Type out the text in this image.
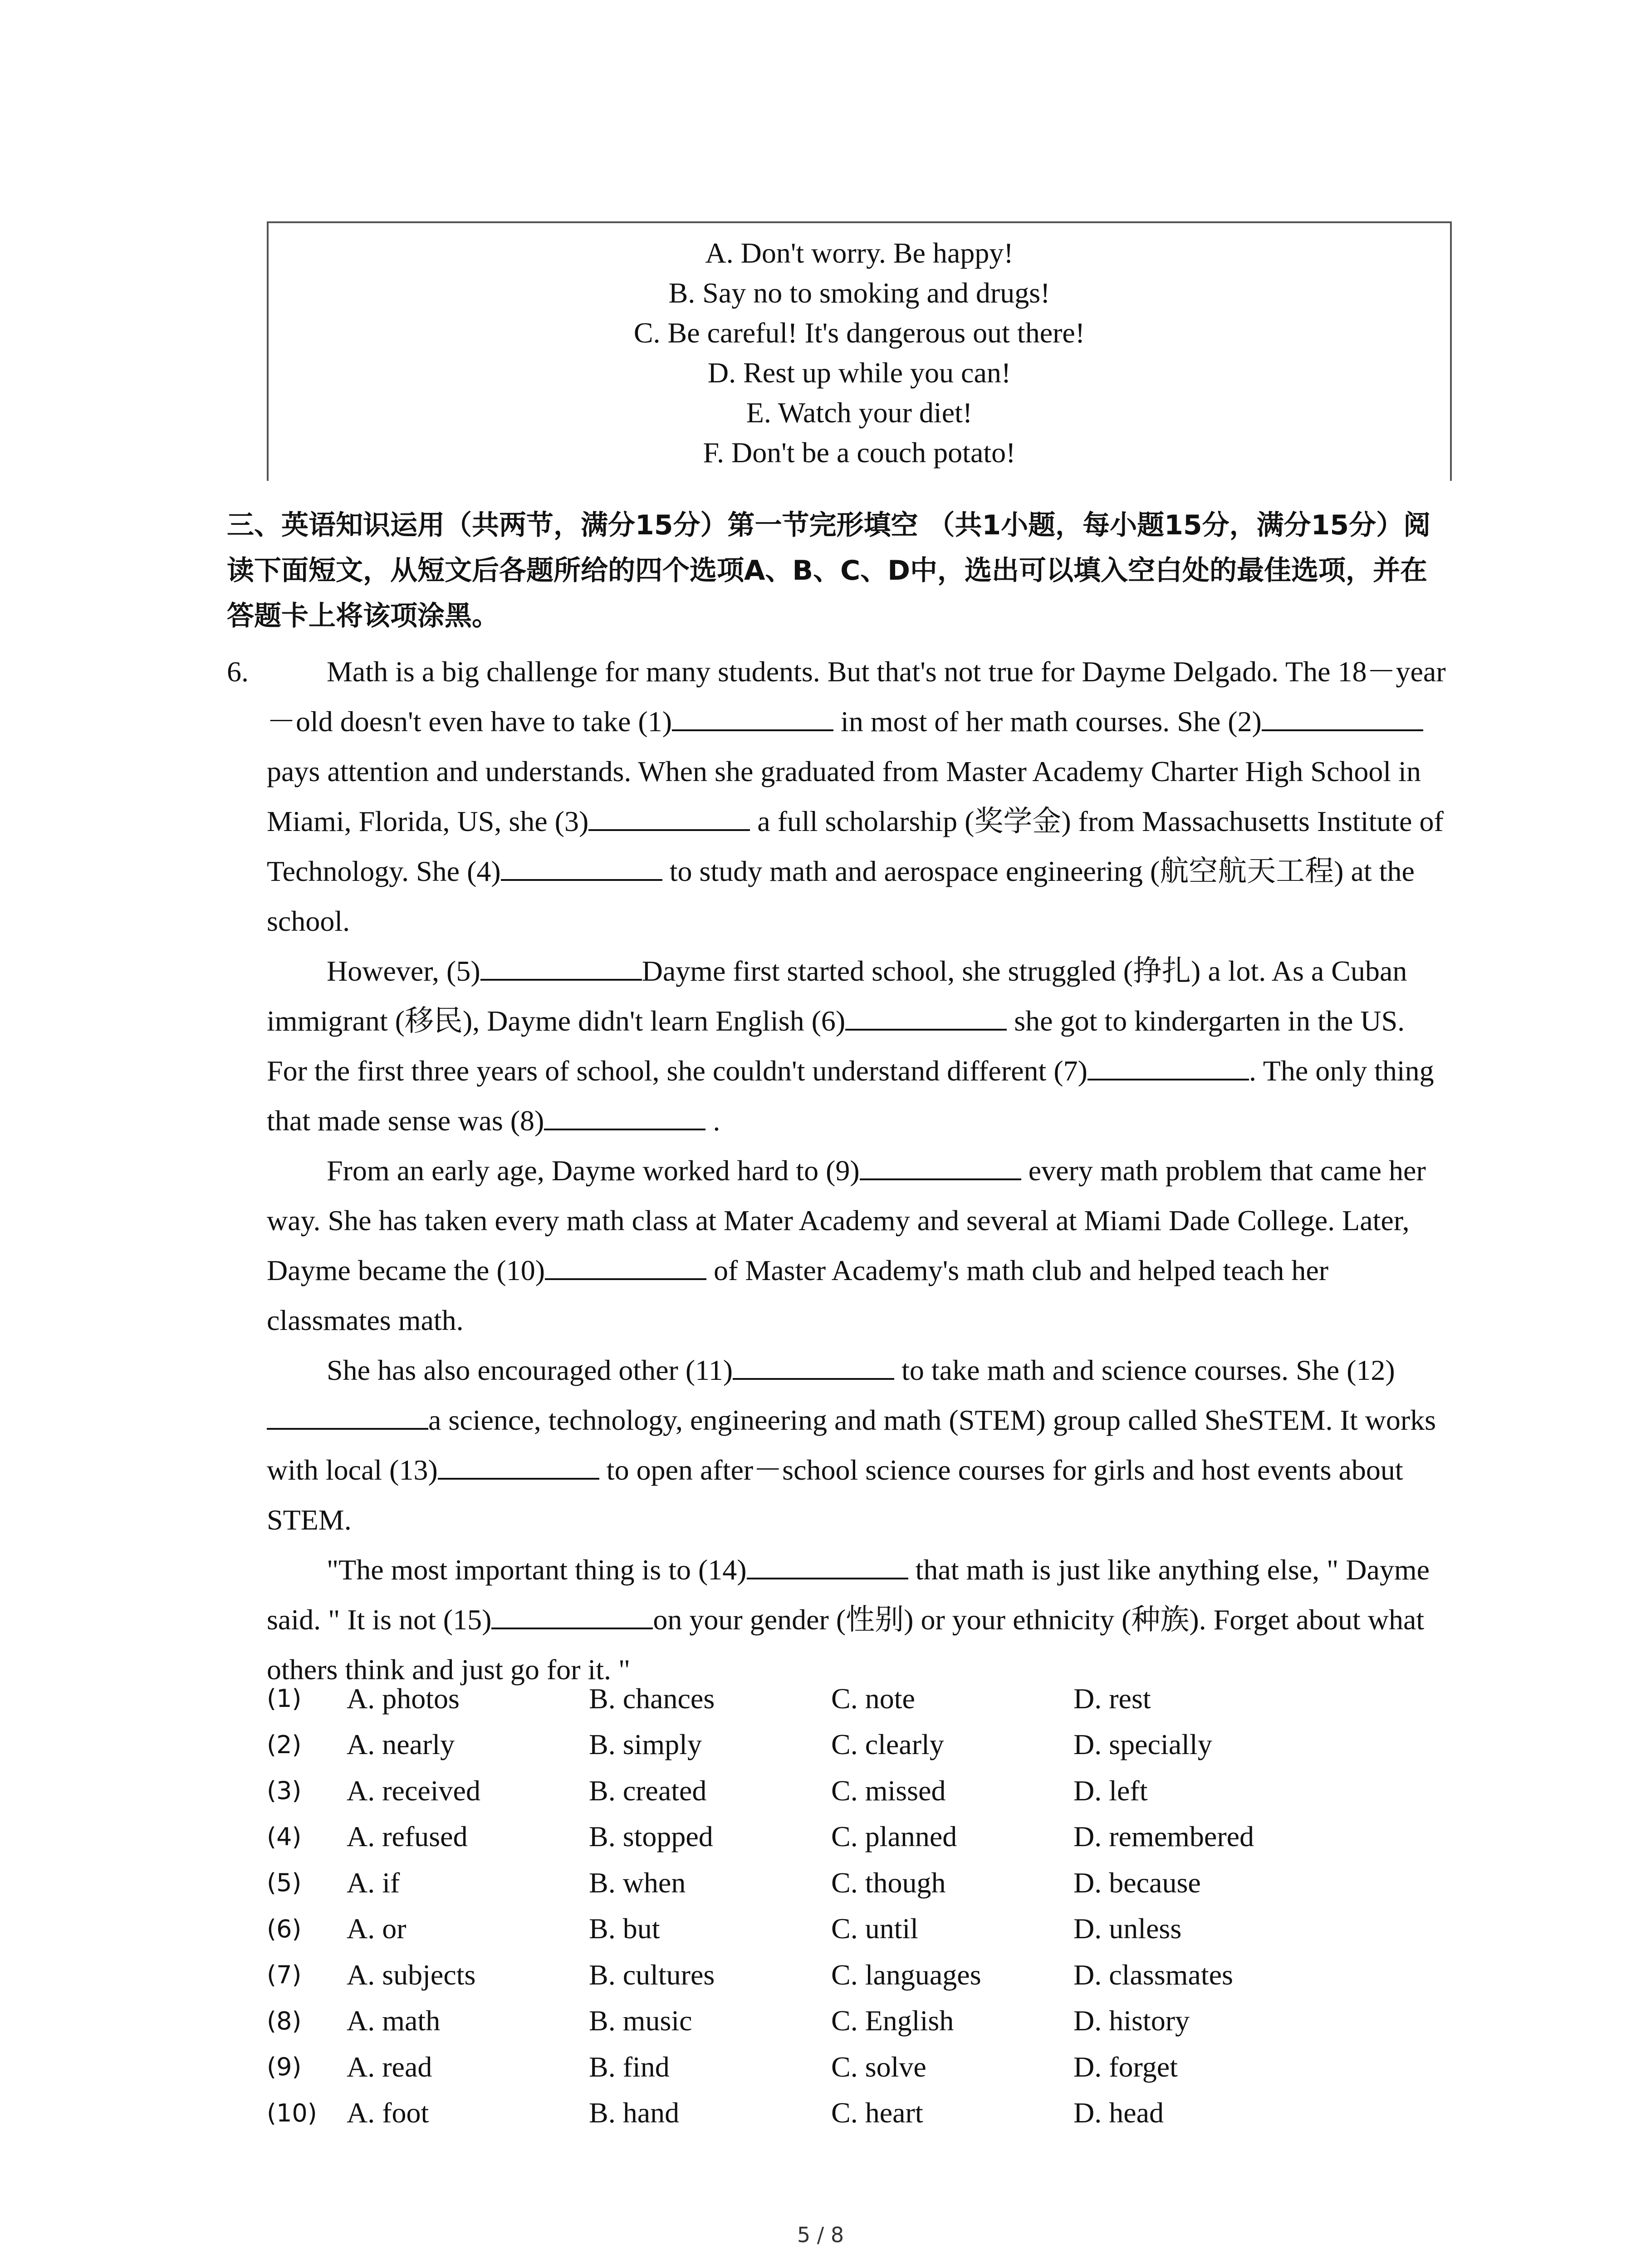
A. Don't worry. Be happy!
B. Say no to smoking and drugs!
C. Be careful! It's dangerous out there!
D. Rest up while you can!
E. Watch your diet!
F. Don't be a couch potato!
三、英语知识运用（共两节，满分15分）第一节完形填空 （共1小题，每小题15分，满分15分）阅读下面短文，从短文后各题所给的四个选项A、B、C、D中，选出可以填入空白处的最佳选项，并在答题卡上将该项涂黑。
6.	Math is a big challenge for many students. But that's not true for Dayme Delgado. The 18－year－old doesn't even have to take (1)	in most of her math courses. She (2)pays attention and understands. When she graduated from Master Academy Charter High School in Miami, Florida, US, she (3)	a full scholarship (奖学金) from Massachusetts Institute of Technology. She (4)	to study math and aerospace engineering (航空航天工程) at the school.

However, (5)	Dayme first started school, she struggled (挣扎) a lot. As a Cuban immigrant (移民), Dayme didn't learn English (6)	she got to kindergarten in the US. For the first three years of school, she couldn't understand different (7)	. The only thing that made sense was (8)	.

From an early age, Dayme worked hard to (9)	every math problem that came her way. She has taken every math class at Mater Academy and several at Miami Dade College. Later, Dayme became the (10)	of Master Academy's math club and helped teach her classmates math.

She has also encouraged other (11)	to take math and science courses. She (12)a science, technology, engineering and math (STEM) group called SheSTEM. It works with local (13)	to open after－school science courses for girls and host events about STEM.

"The most important thing is to (14)	that math is just like anything else, " Dayme said. " It is not (15)	on your gender (性别) or your ethnicity (种族). Forget about what others think and just go for it. "

(1)	A. photos	B. chances	C. note	D. rest
(2)	A. nearly	B. simply	C. clearly	D. specially
(3)	A. received	B. created	C. missed	D. left
(4)	A. refused	B. stopped	C. planned	D. remembered
(5)	A. if	B. when	C. though	D. because
(6)	A. or	B. but	C. until	D. unless
(7)	A. subjects	B. cultures	C. languages	D. classmates
(8)	A. math	B. music	C. English	D. history
(9)	A. read	B. find	C. solve	D. forget
(10)	A. foot	B. hand	C. heart	D. head
5 / 8
